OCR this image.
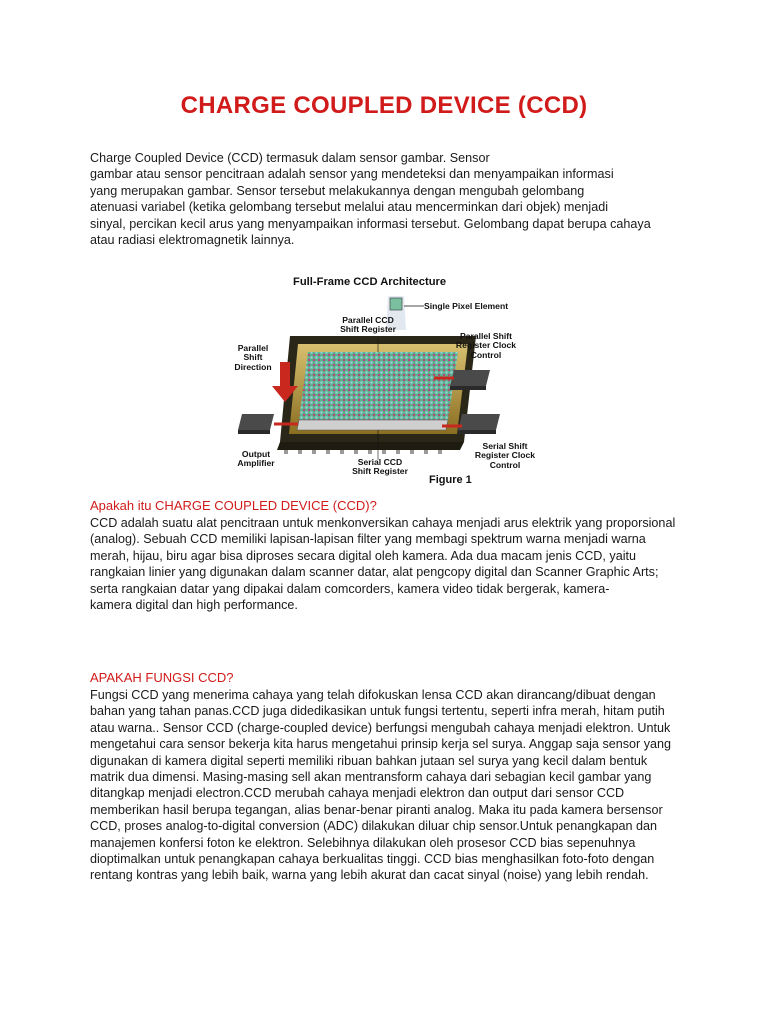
CHARGE COUPLED DEVICE (CCD)
Charge Coupled Device (CCD) termasuk dalam sensor gambar. Sensor
gambar atau sensor pencitraan adalah sensor yang mendeteksi dan menyampaikan informasi
yang merupakan gambar. Sensor tersebut melakukannya dengan mengubah gelombang
atenuasi variabel (ketika gelombang tersebut melalui atau mencerminkan dari objek) menjadi
sinyal, percikan kecil arus yang menyampaikan informasi tersebut. Gelombang dapat berupa cahaya
atau radiasi elektromagnetik lainnya.
Full-Frame CCD Architecture
Single Pixel Element
Parallel CCD
Shift Register
Parallel Shift
Register Clock
Control
Parallel
Shift
Direction
Serial Shift
Register Clock
Control
Output
Amplifier	Serial CCD
Shift Register
Figure 1
Apakah itu CHARGE COUPLED DEVICE (CCD)?
CCD adalah suatu alat pencitraan untuk menkonversikan cahaya menjadi arus elektrik yang proporsional
(analog). Sebuah CCD memiliki lapisan-lapisan filter yang membagi spektrum warna menjadi warna
merah, hijau, biru agar bisa diproses secara digital oleh kamera. Ada dua macam jenis CCD, yaitu
rangkaian linier yang digunakan dalam scanner datar, alat pengcopy digital dan Scanner Graphic Arts;
serta rangkaian datar yang dipakai dalam comcorders, kamera video tidak bergerak, kamera-
kamera digital dan high performance.
APAKAH FUNGSI CCD?
Fungsi CCD yang menerima cahaya yang telah difokuskan lensa CCD akan dirancang/dibuat dengan
bahan yang tahan panas.CCD juga didedikasikan untuk fungsi tertentu, seperti infra merah, hitam putih
atau warna.. Sensor CCD (charge-coupled device) berfungsi mengubah cahaya menjadi elektron. Untuk
mengetahui cara sensor bekerja kita harus mengetahui prinsip kerja sel surya. Anggap saja sensor yang
digunakan di kamera digital seperti memiliki ribuan bahkan jutaan sel surya yang kecil dalam bentuk
matrik dua dimensi. Masing-masing sell akan mentransform cahaya dari sebagian kecil gambar yang
ditangkap menjadi electron.CCD merubah cahaya menjadi elektron dan output dari sensor CCD
memberikan hasil berupa tegangan, alias benar-benar piranti analog. Maka itu pada kamera bersensor
CCD, proses analog-to-digital conversion (ADC) dilakukan diluar chip sensor.Untuk penangkapan dan
manajemen konfersi foton ke elektron. Selebihnya dilakukan oleh prosesor CCD bias sepenuhnya
dioptimalkan untuk penangkapan cahaya berkualitas tinggi. CCD bias menghasilkan foto-foto dengan
rentang kontras yang lebih baik, warna yang lebih akurat dan cacat sinyal (noise) yang lebih rendah.
